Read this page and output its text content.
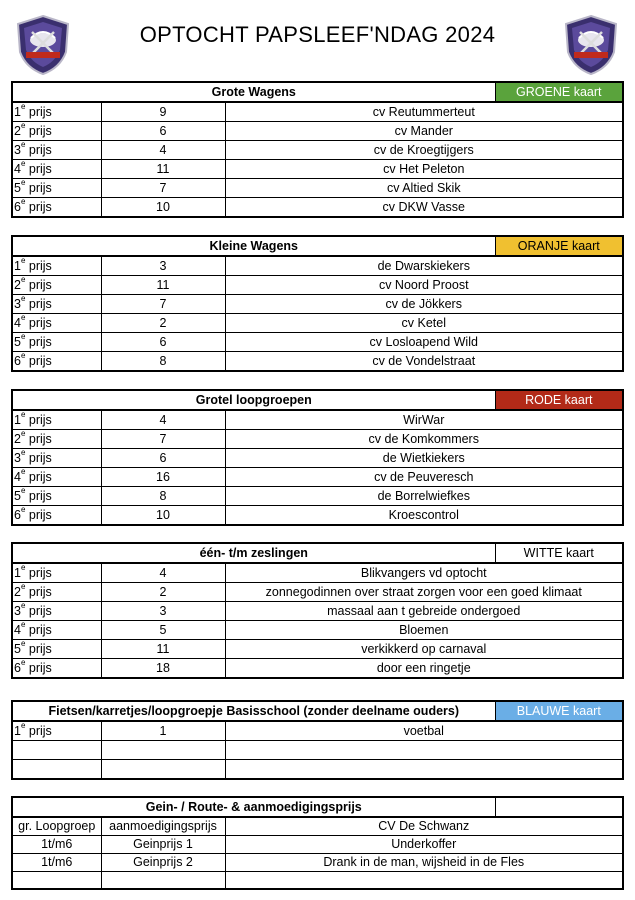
OPTOCHT PAPSLEEF'NDAG 2024
Grote Wagens			GROENE kaart
1e prijs	9	cv Reutummerteut	
2e prijs	6	cv Mander	
3e prijs	4	cv de Kroegtijgers	
4e prijs	11	cv Het Peleton	
5e prijs	7	cv Altied Skik	
6e prijs	10	cv DKW Vasse	
Kleine Wagens			ORANJE kaart
1e prijs	3	de Dwarskiekers	
2e prijs	11	cv Noord Proost	
3e prijs	7	cv de Jökkers	
4e prijs	2	cv Ketel	
5e prijs	6	cv Losloapend Wild	
6e prijs	8	cv de Vondelstraat	
Grotel loopgroepen			RODE kaart
1e prijs	4	WirWar	
2e prijs	7	cv de Komkommers	
3e prijs	6	de Wietkiekers	
4e prijs	16	cv de Peuveresch	
5e prijs	8	de Borrelwiefkes	
6e prijs	10	Kroescontrol	
één- t/m zeslingen			WITTE kaart
1e prijs	4	Blikvangers vd optocht	
2e prijs	2	zonnegodinnen over straat zorgen voor een goed klimaat	
3e prijs	3	massaal aan t gebreide ondergoed	
4e prijs	5	Bloemen	
5e prijs	11	verkikkerd op carnaval	
6e prijs	18	door een ringetje	
Fietsen/karretjes/loopgroepje Basisschool (zonder deelname ouders)			BLAUWE kaart
1e prijs	1	voetbal	

Gein- / Route- & aanmoedigingsprijs			
gr. Loopgroep	aanmoedigingsprijs	CV De Schwanz	
1t/m6	Geinprijs 1	Underkoffer	
1t/m6	Geinprijs 2	Drank in de man, wijsheid in de Fles	
